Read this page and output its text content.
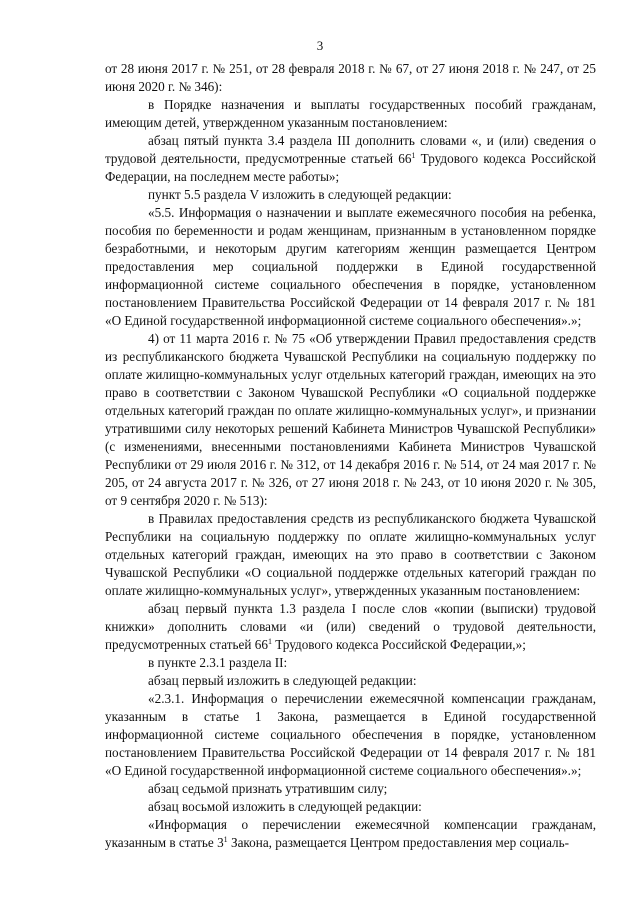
3

от 28 июня 2017 г. № 251, от 28 февраля 2018 г. № 67, от 27 июня 2018 г. № 247, от 25 июня 2020 г. № 346):

в Порядке назначения и выплаты государственных пособий гражданам, имеющим детей, утвержденном указанным постановлением:

абзац пятый пункта 3.4 раздела III дополнить словами «, и (или) сведения о трудовой деятельности, предусмотренные статьей $66^1$ Трудового кодекса Российской Федерации, на последнем месте работы»;

пункт 5.5 раздела V изложить в следующей редакции:

«5.5. Информация о назначении и выплате ежемесячного пособия на ребенка, пособия по беременности и родам женщинам, признанным в установленном порядке безработными, и некоторым другим категориям женщин размещается Центром предоставления мер социальной поддержки в Единой государственной информационной системе социального обеспечения в порядке, установленном постановлением Правительства Российской Федерации от 14 февраля 2017 г. № 181 «О Единой государственной информационной системе социального обеспечения».»;

4) от 11 марта 2016 г. № 75 «Об утверждении Правил предоставления средств из республиканского бюджета Чувашской Республики на социальную поддержку по оплате жилищно-коммунальных услуг отдельных категорий граждан, имеющих на это право в соответствии с Законом Чувашской Республики «О социальной поддержке отдельных категорий граждан по оплате жилищно-коммунальных услуг», и признании утратившими силу некоторых решений Кабинета Министров Чувашской Республики» (с изменениями, внесенными постановлениями Кабинета Министров Чувашской Республики от 29 июля 2016 г. № 312, от 14 декабря 2016 г. № 514, от 24 мая 2017 г. № 205, от 24 августа 2017 г. № 326, от 27 июня 2018 г. № 243, от 10 июня 2020 г. № 305, от 9 сентября 2020 г. № 513):

в Правилах предоставления средств из республиканского бюджета Чувашской Республики на социальную поддержку по оплате жилищно-коммунальных услуг отдельных категорий граждан, имеющих на это право в соответствии с Законом Чувашской Республики «О социальной поддержке отдельных категорий граждан по оплате жилищно-коммунальных услуг», утвержденных указанным постановлением:

абзац первый пункта 1.3 раздела I после слов «копии (выписки) трудовой книжки» дополнить словами «и (или) сведений о трудовой деятельности, предусмотренных статьей $66^1$ Трудового кодекса Российской Федерации,»;

в пункте 2.3.1 раздела II:

абзац первый изложить в следующей редакции:

«2.3.1. Информация о перечислении ежемесячной компенсации гражданам, указанным в статье 1 Закона, размещается в Единой государственной информационной системе социального обеспечения в порядке, установленном постановлением Правительства Российской Федерации от 14 февраля 2017 г. № 181 «О Единой государственной информационной системе социального обеспечения».»;

абзац седьмой признать утратившим силу;

абзац восьмой изложить в следующей редакции:

«Информация о перечислении ежемесячной компенсации гражданам, указанным в статье $3^1$ Закона, размещается Центром предоставления мер социаль-
